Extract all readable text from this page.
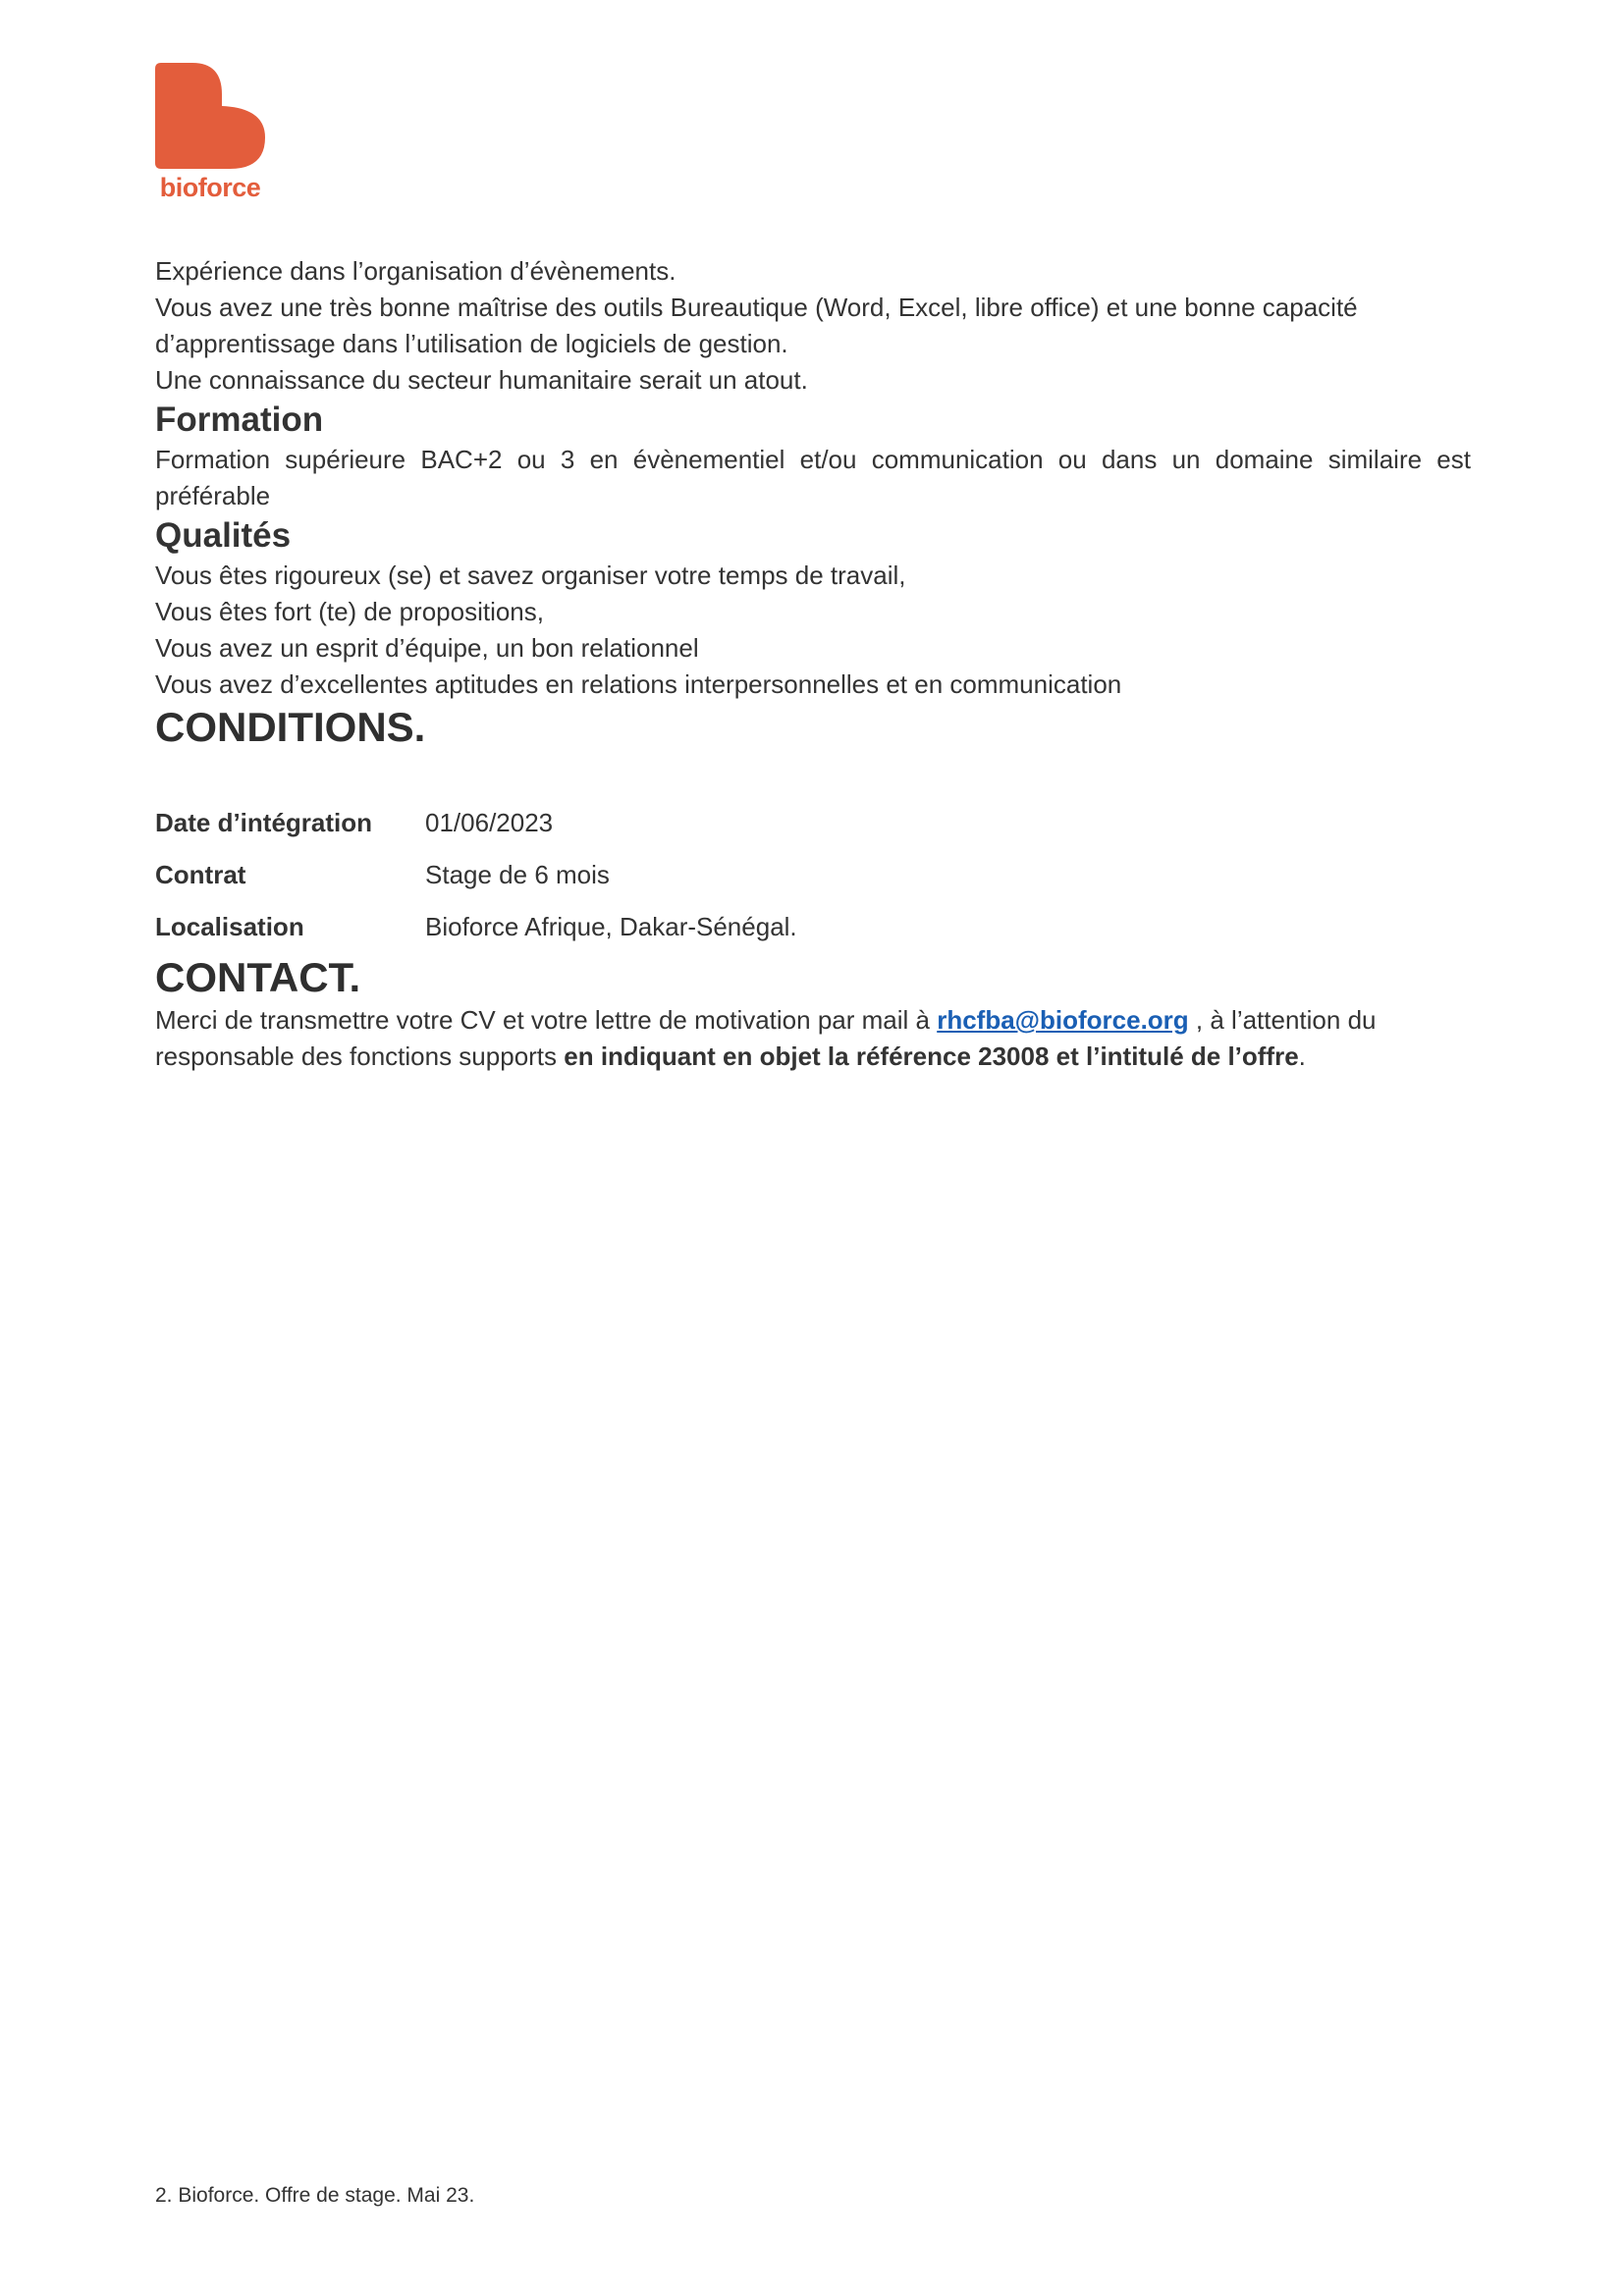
bioforce

Expérience dans l’organisation d’évènements.

Vous avez une très bonne maîtrise des outils Bureautique (Word, Excel, libre office) et une bonne capacité d’apprentissage dans l’utilisation de logiciels de gestion.

Une connaissance du secteur humanitaire serait un atout.

Formation

Formation supérieure BAC+2 ou 3 en évènementiel et/ou communication ou dans un domaine similaire est préférable

Qualités

Vous êtes rigoureux (se) et savez organiser votre temps de travail,

Vous êtes fort (te) de propositions,

Vous avez un esprit d’équipe, un bon relationnel

Vous avez d’excellentes aptitudes en relations interpersonnelles et en communication

CONDITIONS.
Date d’intégration	01/06/2023
Contrat	Stage de 6 mois
Localisation	Bioforce Afrique, Dakar-Sénégal.
CONTACT.

Merci de transmettre votre CV et votre lettre de motivation par mail à rhcfba@bioforce.org , à l’attention du responsable des fonctions supports en indiquant en objet la référence 23008 et l’intitulé de l’offre.

2. Bioforce. Offre de stage. Mai 23.
